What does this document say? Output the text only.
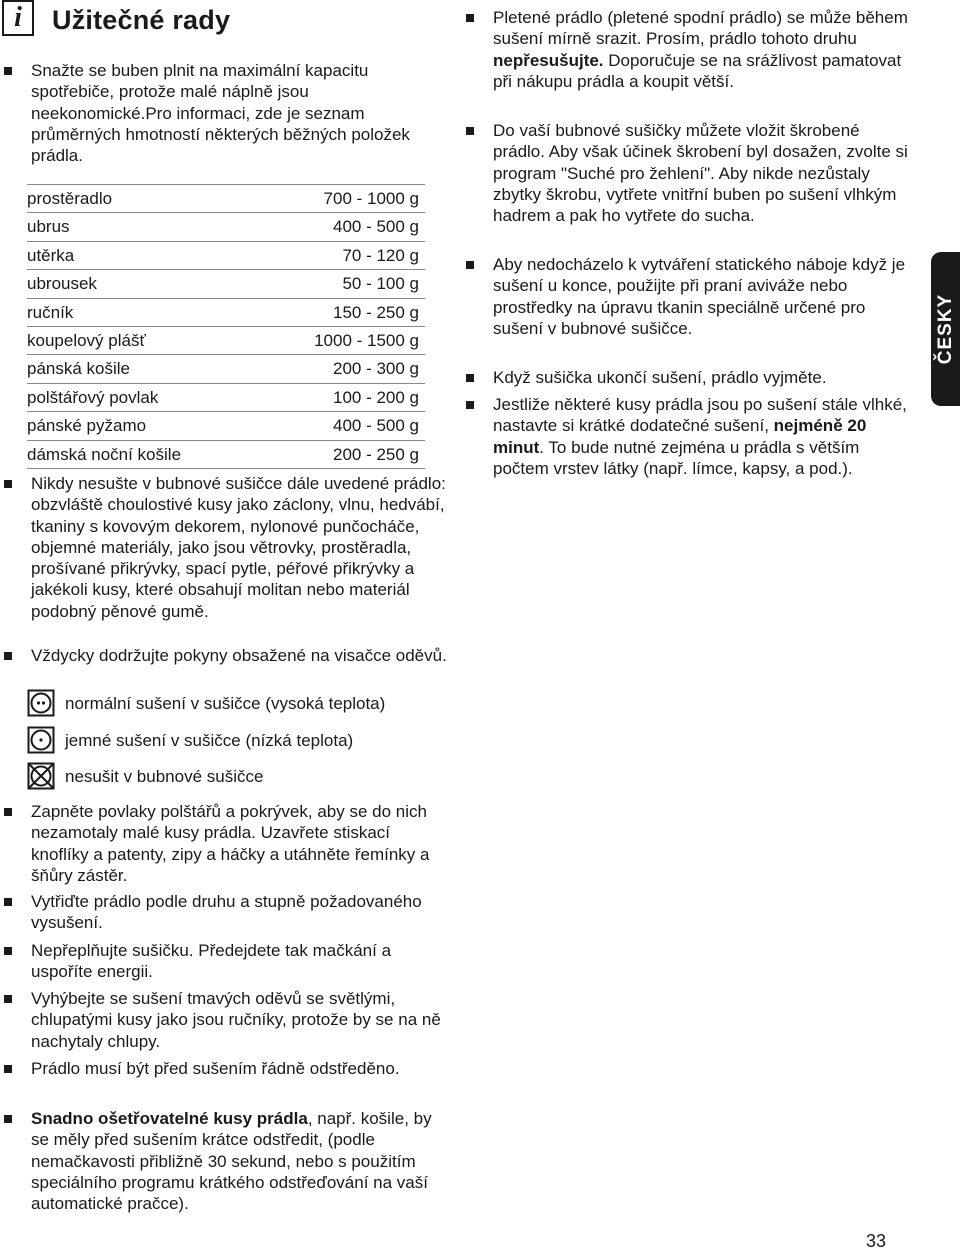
i	Užitečné rady
Snažte se buben plnit na maximální kapacitu spotřebiče, protože malé náplně jsou neekonomické.Pro informaci, zde je seznam průměrných hmotností některých běžných položek prádla.
prostěradlo	700 - 1000 g
ubrus	400 - 500 g
utěrka	70 - 120 g
ubrousek	50 - 100 g
ručník	150 - 250 g
koupelový plášť	1000 - 1500 g
pánská košile	200 - 300 g
polštářový povlak	100 - 200 g
pánské pyžamo	400 - 500 g
dámská noční košile	200 - 250 g
Nikdy nesušte v bubnové sušičce dále uvedené prádlo: obzvláště choulostivé kusy jako záclony, vlnu, hedvábí, tkaniny s kovovým dekorem, nylonové punčocháče, objemné materiály, jako jsou větrovky, prostěradla, prošívané přikrývky, spací pytle, péřové přikrývky a jakékoli kusy, které obsahují molitan nebo materiál podobný pěnové gumě.
Vždycky dodržujte pokyny obsažené na visačce oděvů.
normální sušení v sušičce (vysoká teplota)
jemné sušení v sušičce (nízká teplota)
nesušit v bubnové sušičce
Zapněte povlaky polštářů a pokrývek, aby se do nich nezamotaly malé kusy prádla. Uzavřete stiskací knoflíky a patenty, zipy a háčky a utáhněte řemínky a šňůry zástěr.
Vytřiďte prádlo podle druhu a stupně požadovaného vysušení.
Nepřeplňujte sušičku. Předejdete tak mačkání a uspoříte energii.
Vyhýbejte se sušení tmavých oděvů se světlými, chlupatými kusy jako jsou ručníky, protože by se na ně nachytaly chlupy.
Prádlo musí být před sušením řádně odstředěno.
Snadno ošetřovatelné kusy prádla, např. košile, by se měly před sušením krátce odstředit, (podle nemačkavosti přibližně 30 sekund, nebo s použitím speciálního programu krátkého odstřeďování na vaší automatické pračce).
Pletené prádlo (pletené spodní prádlo) se může během sušení mírně srazit. Prosím, prádlo tohoto druhu nepřesušujte. Doporučuje se na srážlivost pamatovat při nákupu prádla a koupit větší.
Do vaší bubnové sušičky můžete vložit škrobené prádlo. Aby však účinek škrobení byl dosažen, zvolte si program "Suché pro žehlení". Aby nikde nezůstaly zbytky škrobu, vytřete vnitřní buben po sušení vlhkým hadrem a pak ho vytřete do sucha.
Aby nedocházelo k vytváření statického náboje když je sušení u konce, použijte při praní aviváže nebo prostředky na úpravu tkanin speciálně určené pro sušení v bubnové sušičce.
Když sušička ukončí sušení, prádlo vyjměte.
Jestliže některé kusy prádla jsou po sušení stále vlhké, nastavte si krátké dodatečné sušení, nejméně 20 minut. To bude nutné zejména u prádla s větším počtem vrstev látky (např. límce, kapsy, a pod.).
ČESKY
33
